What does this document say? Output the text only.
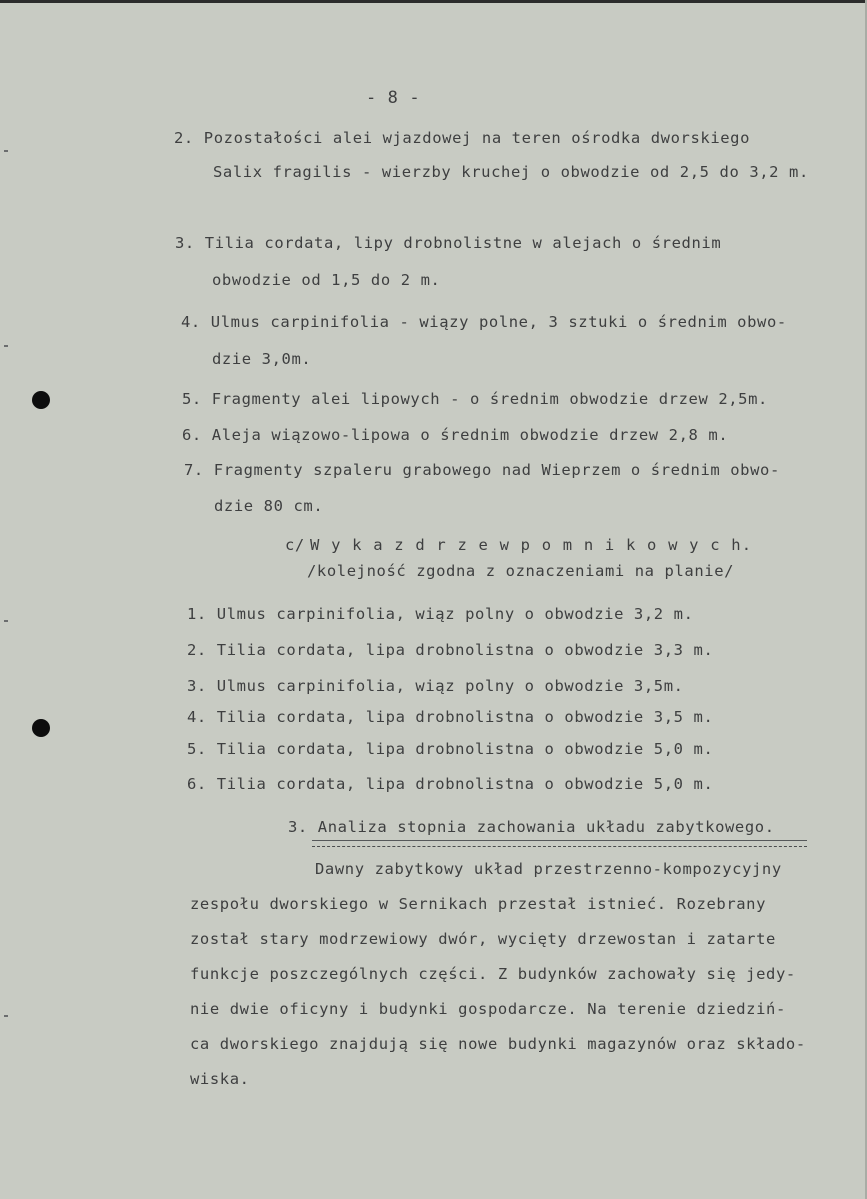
- 8 -
2. Pozostałości alei wjazdowej na teren ośrodka dworskiego
Salix fragilis - wierzby kruchej o obwodzie od 2,5 do 3,2 m.
3. Tilia cordata, lipy drobnolistne w alejach o średnim
obwodzie od 1,5 do 2 m.
4. Ulmus carpinifolia - wiązy polne, 3 sztuki o średnim obwo-
dzie 3,0m.
5. Fragmenty alei lipowych - o średnim obwodzie drzew 2,5m.
6. Aleja wiązowo-lipowa o średnim obwodzie drzew 2,8 m.
7. Fragmenty szpaleru grabowego nad Wieprzem o średnim obwo-
dzie 80 cm.
c/ W y k a z d r z e w p o m n i k o w y c h.
/kolejność zgodna z oznaczeniami na planie/
1. Ulmus carpinifolia, wiąz polny o obwodzie 3,2 m.
2. Tilia cordata, lipa drobnolistna o obwodzie 3,3 m.
3. Ulmus carpinifolia, wiąz polny o obwodzie 3,5m.
4. Tilia cordata, lipa drobnolistna o obwodzie 3,5 m.
5. Tilia cordata, lipa drobnolistna o obwodzie 5,0 m.
6. Tilia cordata, lipa drobnolistna o obwodzie 5,0 m.
3. Analiza stopnia zachowania układu zabytkowego.
Dawny zabytkowy układ przestrzenno-kompozycyjny
zespołu dworskiego w Sernikach przestał istnieć. Rozebrany
został stary modrzewiowy dwór, wycięty drzewostan i zatarte
funkcje poszczególnych części. Z budynków zachowały się jedy-
nie dwie oficyny i budynki gospodarcze. Na terenie dziedziń-
ca dworskiego znajdują się nowe budynki magazynów oraz składo-
wiska.
